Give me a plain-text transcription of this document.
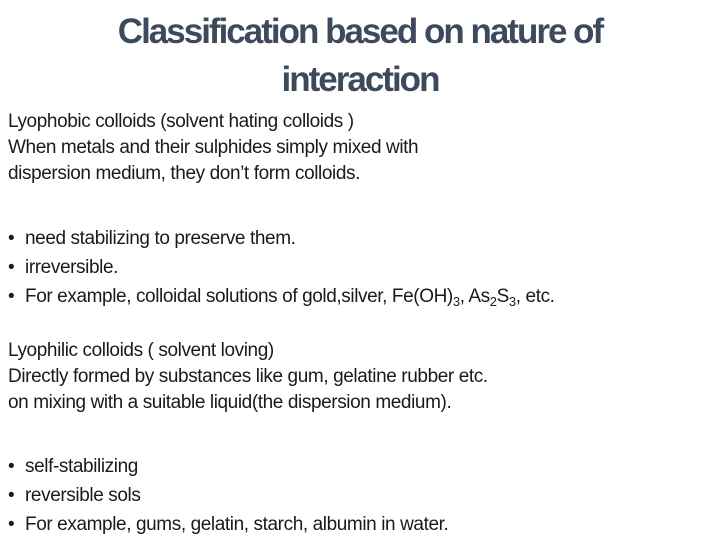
Classification based on nature of
interaction
Lyophobic colloids (solvent hating colloids )
When metals and their sulphides simply mixed with
dispersion medium, they don’t form colloids.
• need stabilizing to preserve them.
• irreversible.
• For example, colloidal solutions of gold,silver, $Fe(OH)_3$, $As_2S_3$, etc.
Lyophilic colloids ( solvent loving)
Directly formed by substances like gum, gelatine rubber etc.
on mixing with a suitable liquid(the dispersion medium).
• self-stabilizing
• reversible sols
• For example, gums, gelatin, starch, albumin in water.
